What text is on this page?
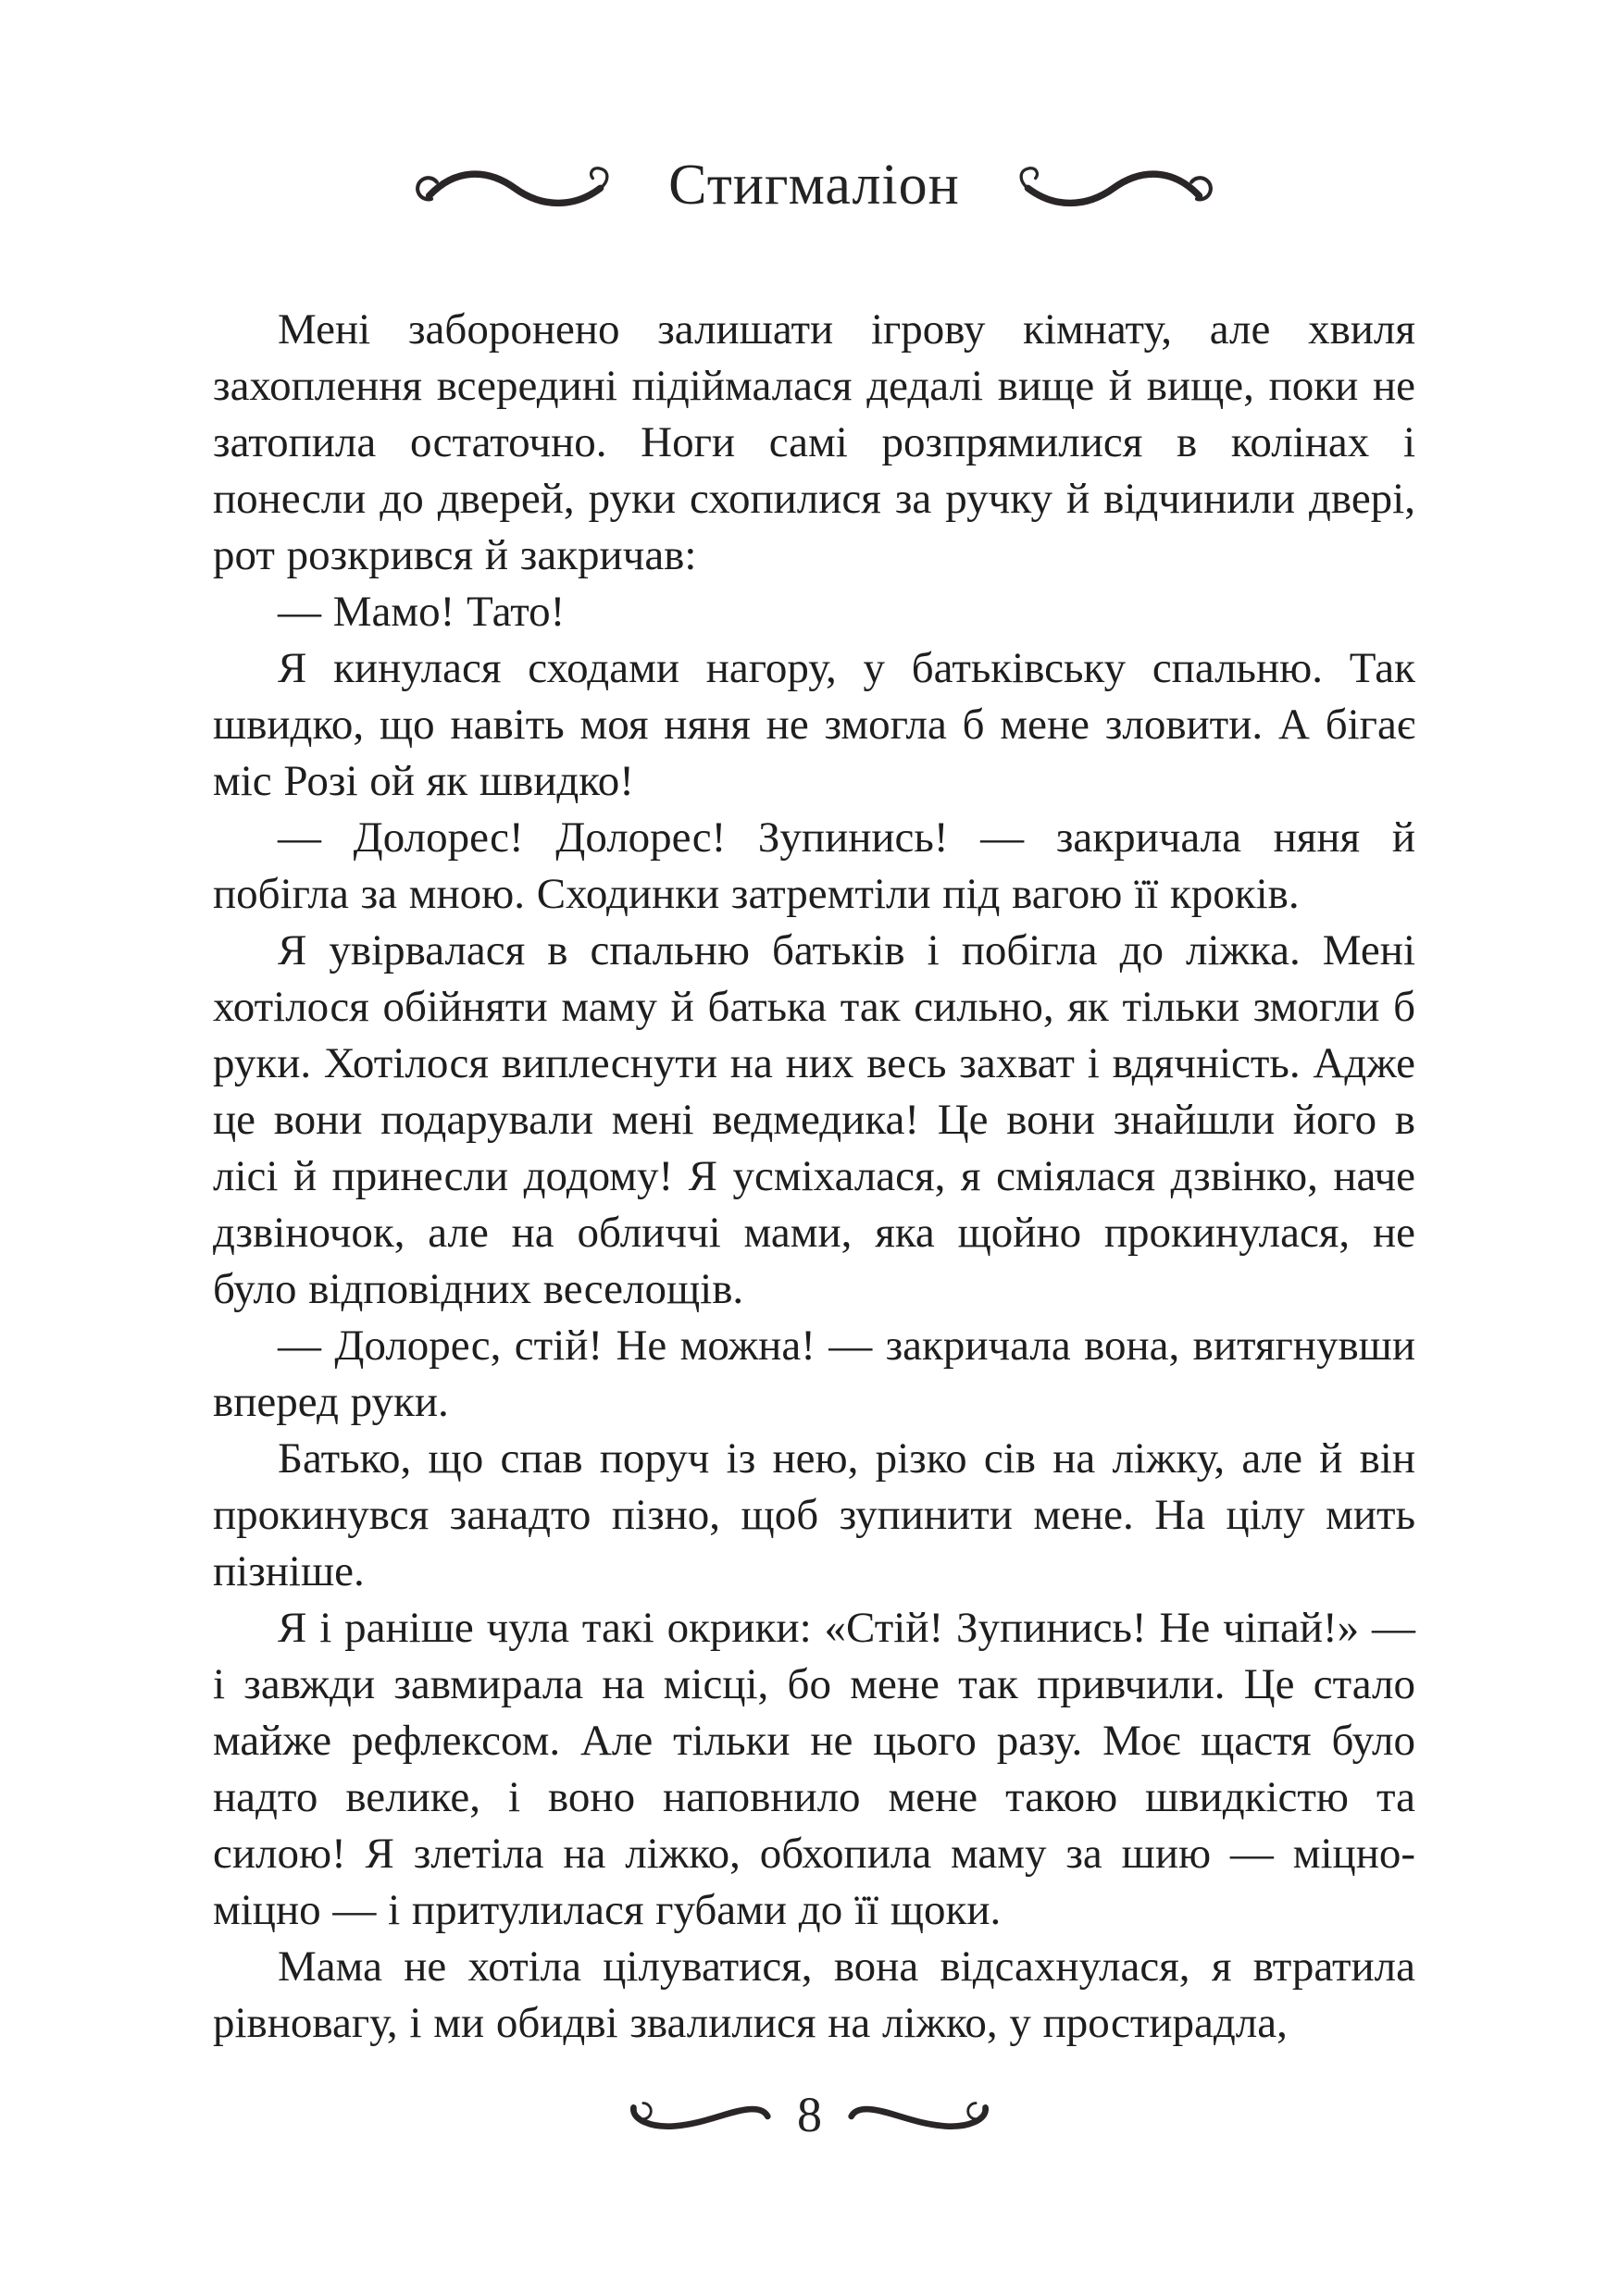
Стигмаліон

Мені заборонено залишати ігрову кімнату, але хвиля захоплення всередині підіймалася дедалі вище й вище, поки не затопила остаточно. Ноги самі розпрямилися в колінах і понесли до дверей, руки схопилися за ручку й відчинили двері, рот розкрився й закричав:

— Мамо! Тато!

Я кинулася сходами нагору, у батьківську спальню. Так швидко, що навіть моя няня не змогла б мене зловити. А бігає міс Розі ой як швидко!

— Долорес! Долорес! Зупинись! — закричала няня й побігла за мною. Сходинки затремтіли під вагою її кроків.

Я увірвалася в спальню батьків і побігла до ліжка. Мені хотілося обійняти маму й батька так сильно, як тільки змогли б руки. Хотілося виплеснути на них весь захват і вдячність. Адже це вони подарували мені ведмедика! Це вони знайшли його в лісі й принесли додому! Я усміхалася, я сміялася дзвінко, наче дзвіночок, але на обличчі мами, яка щойно прокинулася, не було відповідних веселощів.

— Долорес, стій! Не можна! — закричала вона, витягнувши вперед руки.

Батько, що спав поруч із нею, різко сів на ліжку, але й він прокинувся занадто пізно, щоб зупинити мене. На цілу мить пізніше.

Я і раніше чула такі окрики: «Стій! Зупинись! Не чіпай!» — і завжди завмирала на місці, бо мене так привчили. Це стало майже рефлексом. Але тільки не цього разу. Моє щастя було надто велике, і воно наповнило мене такою швидкістю та силою! Я злетіла на ліжко, обхопила маму за шию — міцно-міцно — і притулилася губами до її щоки.

Мама не хотіла цілуватися, вона відсахнулася, я втратила рівновагу, і ми обидві звалилися на ліжко, у простирадла,

8
